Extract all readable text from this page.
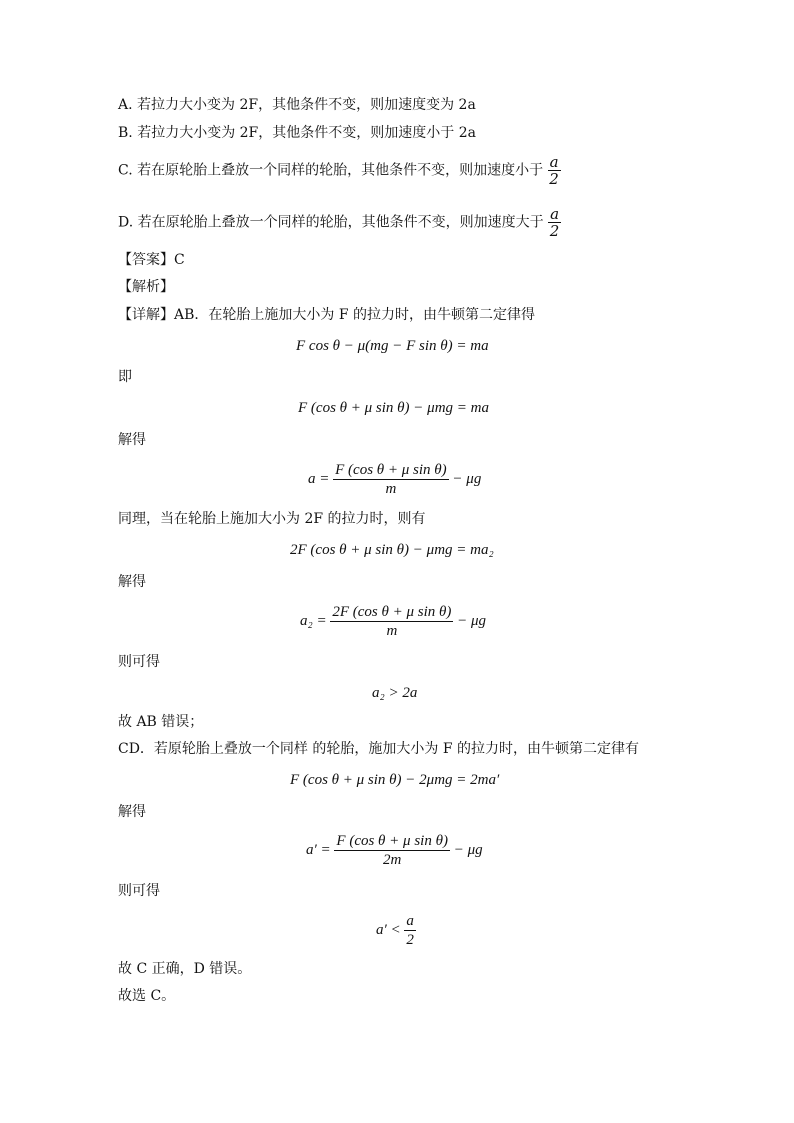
A. 若拉力大小变为 2F，其他条件不变，则加速度变为 2a
B. 若拉力大小变为 2F，其他条件不变，则加速度小于 2a
C. 若在原轮胎上叠放一个同样的轮胎，其他条件不变，则加速度小于 $\frac{a}{2}$
D. 若在原轮胎上叠放一个同样的轮胎，其他条件不变，则加速度大于 $\frac{a}{2}$
【答案】C
【解析】
【详解】AB．在轮胎上施加大小为 F 的拉力时，由牛顿第二定律得
F cos θ − μ(mg − F sin θ) = ma
即
F (cos θ + μ sin θ) − μmg = ma
解得
$a = \frac{\text{F (cos θ + μ sin θ)}}{m} - \mu g$
同理，当在轮胎上施加大小为 2F 的拉力时，则有
2F (cos θ + μ sin θ) − μmg = ma₂
解得
$a_2 = \frac{\text{2F (cos θ + μ sin θ)}}{m} - \mu g$
则可得
a₂ > 2a
故 AB 错误；
CD．若原轮胎上叠放一个同样 的轮胎，施加大小为 F 的拉力时，由牛顿第二定律有
F (cos θ + μ sin θ) − 2μmg = 2ma′
解得
$a' = \frac{\text{F (cos θ + μ sin θ)}}{2m} - \mu g$
则可得
$a' < \frac{a}{2}$
故 C 正确，D 错误。
故选 C。
